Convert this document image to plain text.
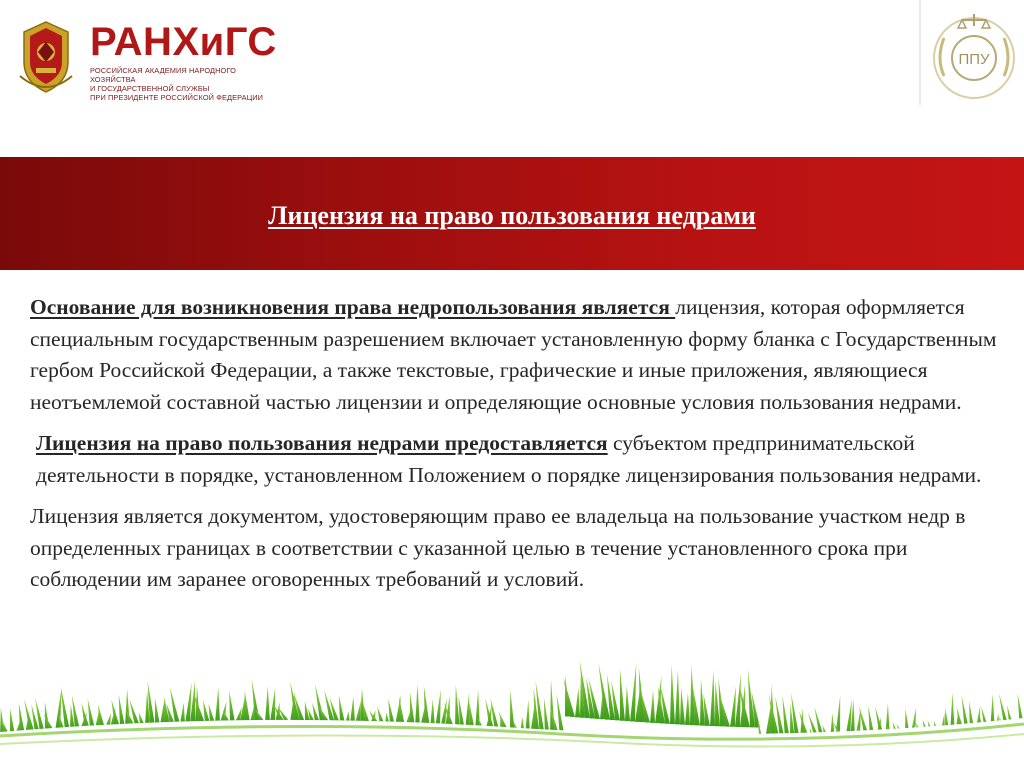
РАНХиГС
РОССИЙСКАЯ АКАДЕМИЯ НАРОДНОГО ХОЗЯЙСТВА
И ГОСУДАРСТВЕННОЙ СЛУЖБЫ
ПРИ ПРЕЗИДЕНТЕ РОССИЙСКОЙ ФЕДЕРАЦИИ
ППУ
Лицензия на право пользования недрами

Основание для возникновения права недропользования является лицензия, которая оформляется специальным государственным разрешением включает установленную форму бланка с Государственным гербом Российской Федерации, а также текстовые, графические и иные приложения, являющиеся неотъемлемой составной частью лицензии и определяющие основные условия пользования недрами.

Лицензия на право пользования недрами предоставляется субъектом предпринимательской деятельности в порядке, установленном Положением о порядке лицензирования пользования недрами.

Лицензия является документом, удостоверяющим право ее владельца на пользование участком недр в определенных границах в соответствии с указанной целью в течение установленного срока при соблюдении им заранее оговоренных требований и условий.
